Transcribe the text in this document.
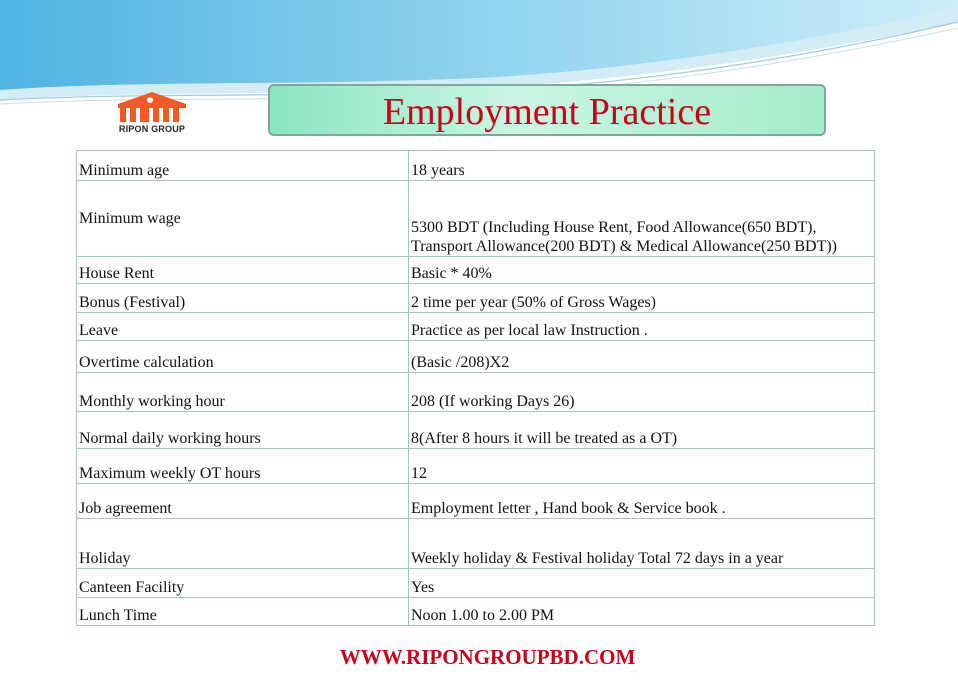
RIPON GROUP	Employment Practice
Minimum age	18 years
Minimum wage	5300 BDT (Including House Rent, Food Allowance(650 BDT), Transport Allowance(200 BDT) & Medical Allowance(250 BDT))
House Rent	Basic * 40%
Bonus (Festival)	2 time per year (50% of Gross Wages)
Leave	Practice as per local law Instruction .
Overtime calculation	(Basic /208)X2
Monthly working hour	208 (If working Days 26)
Normal daily working hours	8(After 8 hours it will be treated as a OT)
Maximum weekly OT hours	12
Job agreement	Employment letter , Hand book & Service book .
Holiday	Weekly holiday & Festival holiday Total 72 days in a year
Canteen Facility	Yes
Lunch Time	Noon 1.00 to 2.00 PM
WWW.RIPONGROUPBD.COM
